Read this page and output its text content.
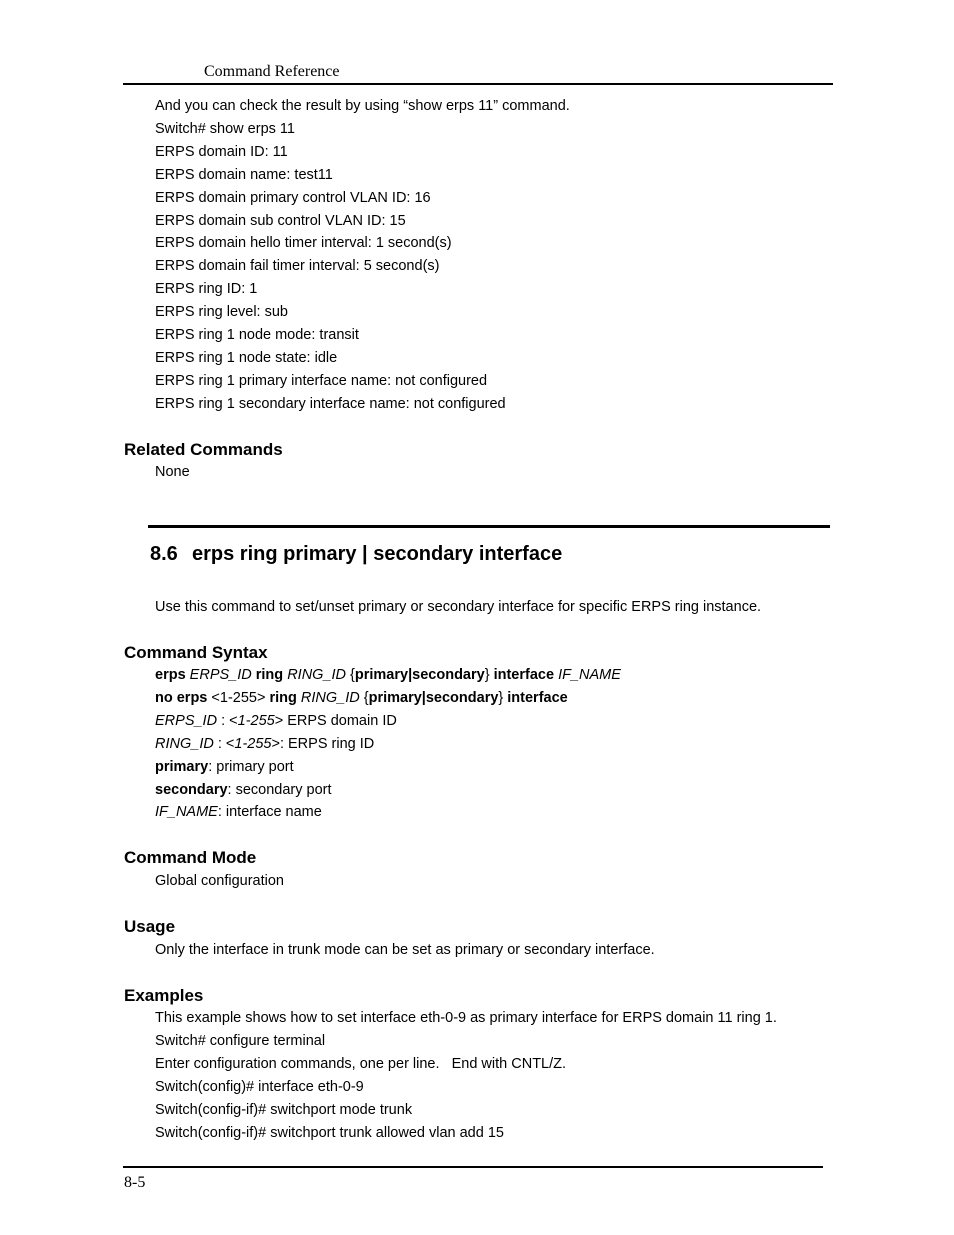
Command Reference
And you can check the result by using “show erps 11” command.
Switch# show erps 11
ERPS domain ID: 11
ERPS domain name: test11
ERPS domain primary control VLAN ID: 16
ERPS domain sub control VLAN ID: 15
ERPS domain hello timer interval: 1 second(s)
ERPS domain fail timer interval: 5 second(s)
ERPS ring ID: 1
ERPS ring level: sub
ERPS ring 1 node mode: transit
ERPS ring 1 node state: idle
ERPS ring 1 primary interface name: not configured
ERPS ring 1 secondary interface name: not configured
Related Commands
None
8.6 erps ring primary | secondary interface
Use this command to set/unset primary or secondary interface for specific ERPS ring instance.
Command Syntax
erps ERPS_ID ring RING_ID {primary|secondary} interface IF_NAME
no erps <1-255> ring RING_ID {primary|secondary} interface
ERPS_ID : <1-255> ERPS domain ID
RING_ID : <1-255>: ERPS ring ID
primary: primary port
secondary: secondary port
IF_NAME: interface name
Command Mode
Global configuration
Usage
Only the interface in trunk mode can be set as primary or secondary interface.
Examples
This example shows how to set interface eth-0-9 as primary interface for ERPS domain 11 ring 1.
Switch# configure terminal
Enter configuration commands, one per line.   End with CNTL/Z.
Switch(config)# interface eth-0-9
Switch(config-if)# switchport mode trunk
Switch(config-if)# switchport trunk allowed vlan add 15
8-5
